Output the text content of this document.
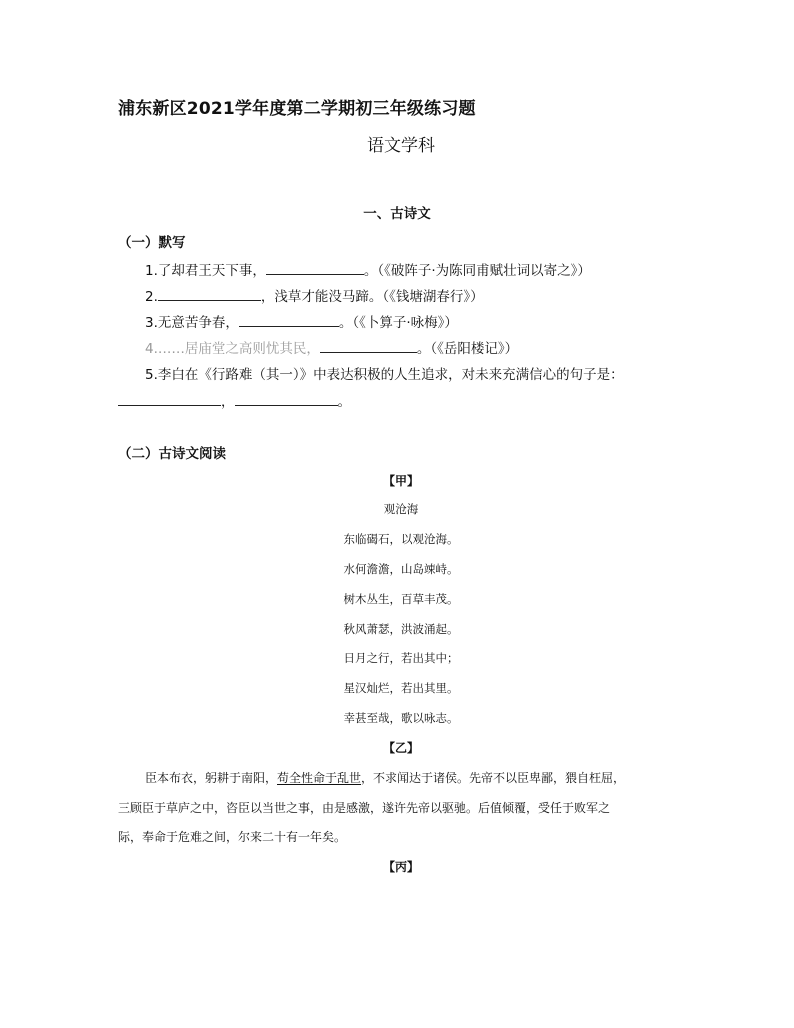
浦东新区2021学年度第二学期初三年级练习题
语文学科
一、古诗文
（一）默写
1.了却君王天下事，	。（《破阵子·为陈同甫赋壮词以寄之》）
2.	，浅草才能没马蹄。（《钱塘湖春行》）
3.无意苦争春，	。（《卜算子·咏梅》）
4.……居庙堂之高则忧其民，	。（《岳阳楼记》）
5.李白在《行路难（其一）》中表达积极的人生追求，对未来充满信心的句子是：
，	。
（二）古诗文阅读
【甲】
观沧海
东临碣石，以观沧海。
水何澹澹，山岛竦峙。
树木丛生，百草丰茂。
秋风萧瑟，洪波涌起。
日月之行，若出其中；
星汉灿烂，若出其里。
幸甚至哉，歌以咏志。
【乙】
臣本布衣，躬耕于南阳，苟全性命于乱世，不求闻达于诸侯。先帝不以臣卑鄙，猥自枉屈，
三顾臣于草庐之中，咨臣以当世之事，由是感激，遂许先帝以驱驰。后值倾覆，受任于败军之
际，奉命于危难之间，尔来二十有一年矣。
【丙】
